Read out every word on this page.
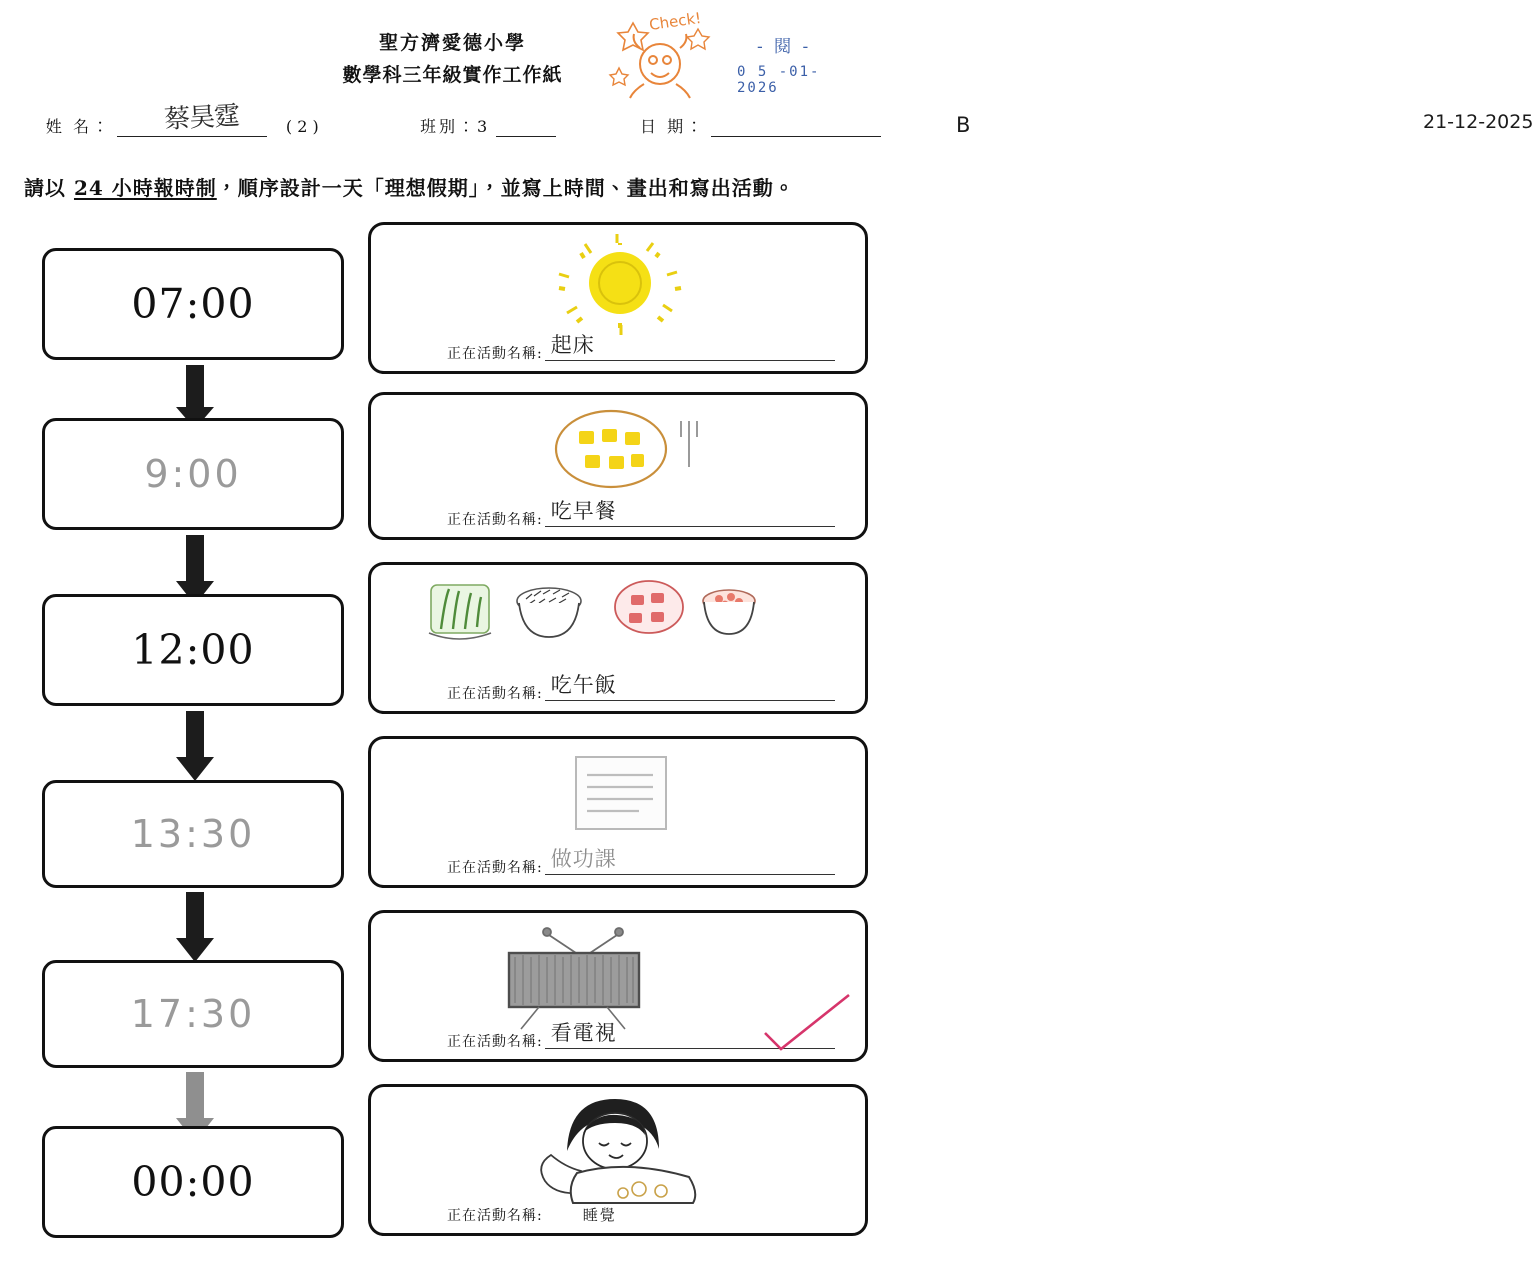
聖方濟愛德小學
數學科三年級實作工作紙
Check!
- 閱 -
0 5 -01- 2026
姓 名： 蔡昊霆	( 2 )	班別：3	B
日 期：	21-12-2025
請以 24 小時報時制，順序設計一天「理想假期」，並寫上時間、畫出和寫出活動。
07:00
9:00
12:00
13:30
17:30
00:00
正在活動名稱: 起床
正在活動名稱: 吃早餐
正在活動名稱: 吃午飯
正在活動名稱: 做功課
正在活動名稱: 看電視
正在活動名稱:	睡覺
